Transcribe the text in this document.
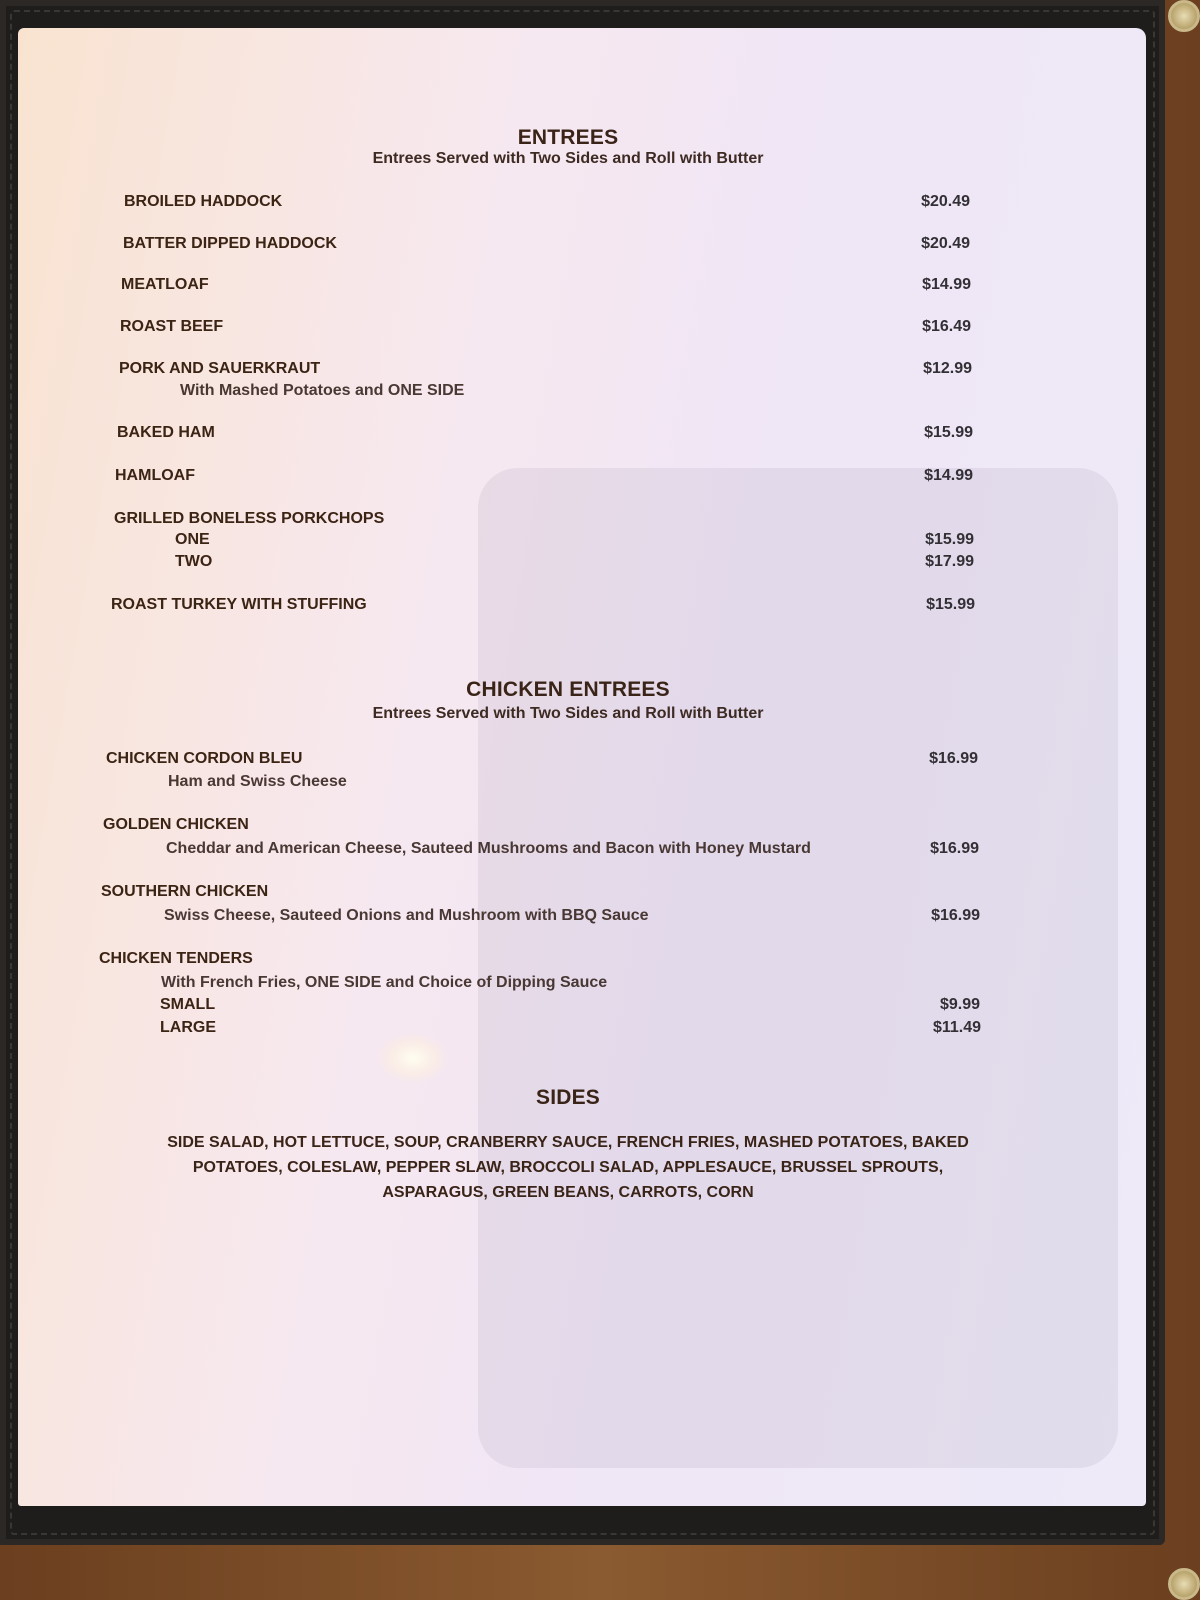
ENTREES
Entrees Served with Two Sides and Roll with Butter
BROILED HADDOCK	$20.49
BATTER DIPPED HADDOCK	$20.49
MEATLOAF	$14.99
ROAST BEEF	$16.49
PORK AND SAUERKRAUT	$12.99
With Mashed Potatoes and ONE SIDE
BAKED HAM	$15.99
HAMLOAF	$14.99
GRILLED BONELESS PORKCHOPS
ONE	$15.99
TWO	$17.99
ROAST TURKEY WITH STUFFING	$15.99
CHICKEN ENTREES
Entrees Served with Two Sides and Roll with Butter
CHICKEN CORDON BLEU	$16.99
Ham and Swiss Cheese
GOLDEN CHICKEN
Cheddar and American Cheese, Sauteed Mushrooms and Bacon with Honey Mustard	$16.99
SOUTHERN CHICKEN
Swiss Cheese, Sauteed Onions and Mushroom with BBQ Sauce	$16.99
CHICKEN TENDERS
With French Fries, ONE SIDE and Choice of Dipping Sauce
SMALL	$9.99
LARGE	$11.49
SIDES
SIDE SALAD, HOT LETTUCE, SOUP, CRANBERRY SAUCE, FRENCH FRIES, MASHED POTATOES, BAKED
POTATOES, COLESLAW, PEPPER SLAW, BROCCOLI SALAD, APPLESAUCE, BRUSSEL SPROUTS,
ASPARAGUS, GREEN BEANS, CARROTS, CORN
